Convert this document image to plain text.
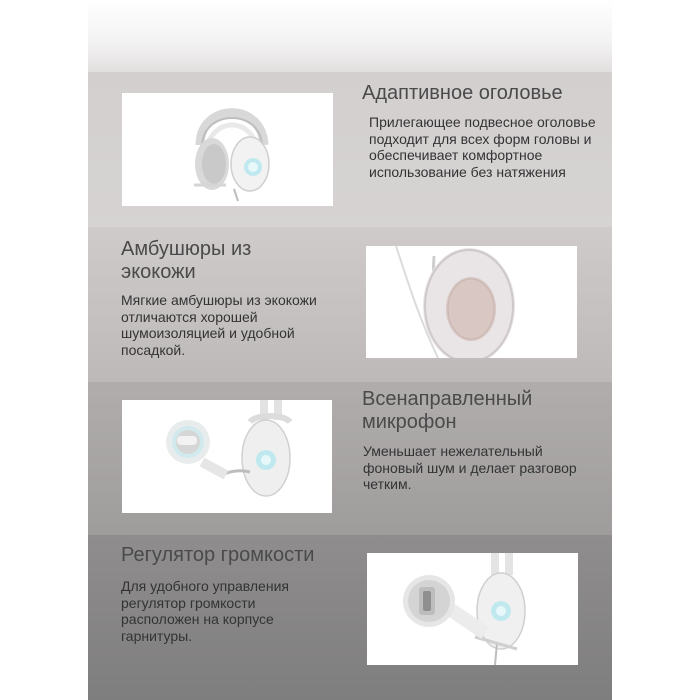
Адаптивное оголовье

Прилегающее подвесное оголовье подходит для всех форм головы и обеспечивает комфортное использование без натяжения

Амбушюры из экокожи

Мягкие амбушюры из экокожи отличаются хорошей шумоизоляцией и удобной посадкой.

Всенаправленный микрофон

Уменьшает нежелательный фоновый шум и делает разговор четким.

Регулятор громкости

Для удобного управления регулятор громкости расположен на корпусе гарнитуры.
